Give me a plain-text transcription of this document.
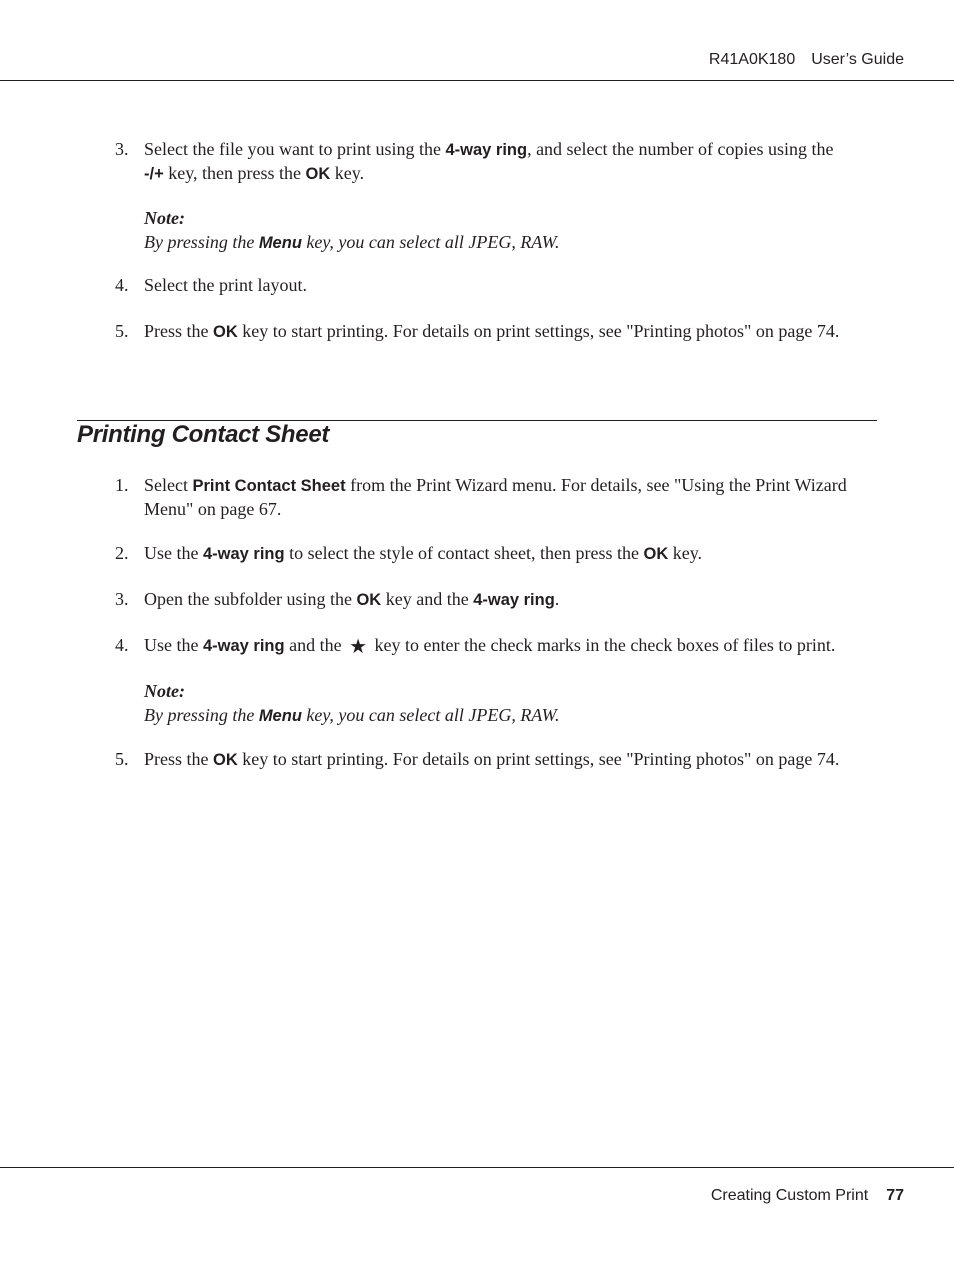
R41A0K180 User’s Guide
3. Select the file you want to print using the 4-way ring, and select the number of copies using the
-/+ key, then press the OK key.
Note:
By pressing the Menu key, you can select all JPEG, RAW.
4. Select the print layout.
5. Press the OK key to start printing. For details on print settings, see "Printing photos" on page 74.
Printing Contact Sheet
1. Select Print Contact Sheet from the Print Wizard menu. For details, see "Using the Print Wizard Menu" on page 67.
2. Use the 4-way ring to select the style of contact sheet, then press the OK key.
3. Open the subfolder using the OK key and the 4-way ring.
4. Use the 4-way ring and the ★ key to enter the check marks in the check boxes of files to print.
Note:
By pressing the Menu key, you can select all JPEG, RAW.
5. Press the OK key to start printing. For details on print settings, see "Printing photos" on page 74.
Creating Custom Print 77
